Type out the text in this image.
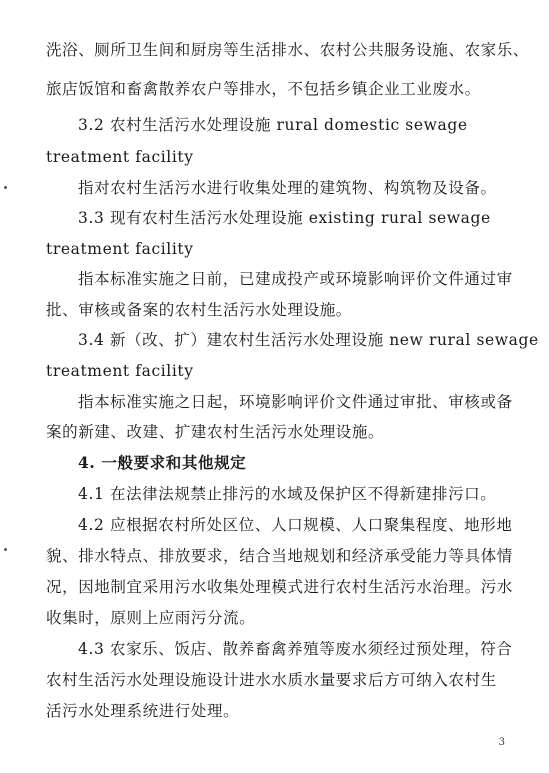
洗浴、厕所卫生间和厨房等生活排水、农村公共服务设施、农家乐、
旅店饭馆和畜禽散养农户等排水，不包括乡镇企业工业废水。
3.2 农村生活污水处理设施 rural domestic sewage
treatment facility
指对农村生活污水进行收集处理的建筑物、构筑物及设备。
3.3 现有农村生活污水处理设施 existing rural sewage
treatment facility
指本标准实施之日前，已建成投产或环境影响评价文件通过审
批、审核或备案的农村生活污水处理设施。
3.4 新（改、扩）建农村生活污水处理设施 new rural sewage
treatment facility
指本标准实施之日起，环境影响评价文件通过审批、审核或备
案的新建、改建、扩建农村生活污水处理设施。
4. 一般要求和其他规定
4.1 在法律法规禁止排污的水域及保护区不得新建排污口。
4.2 应根据农村所处区位、人口规模、人口聚集程度、地形地
貌、排水特点、排放要求，结合当地规划和经济承受能力等具体情
况，因地制宜采用污水收集处理模式进行农村生活污水治理。污水
收集时，原则上应雨污分流。
4.3 农家乐、饭店、散养畜禽养殖等废水须经过预处理，符合
农村生活污水处理设施设计进水水质水量要求后方可纳入农村生
活污水处理系统进行处理。
3
